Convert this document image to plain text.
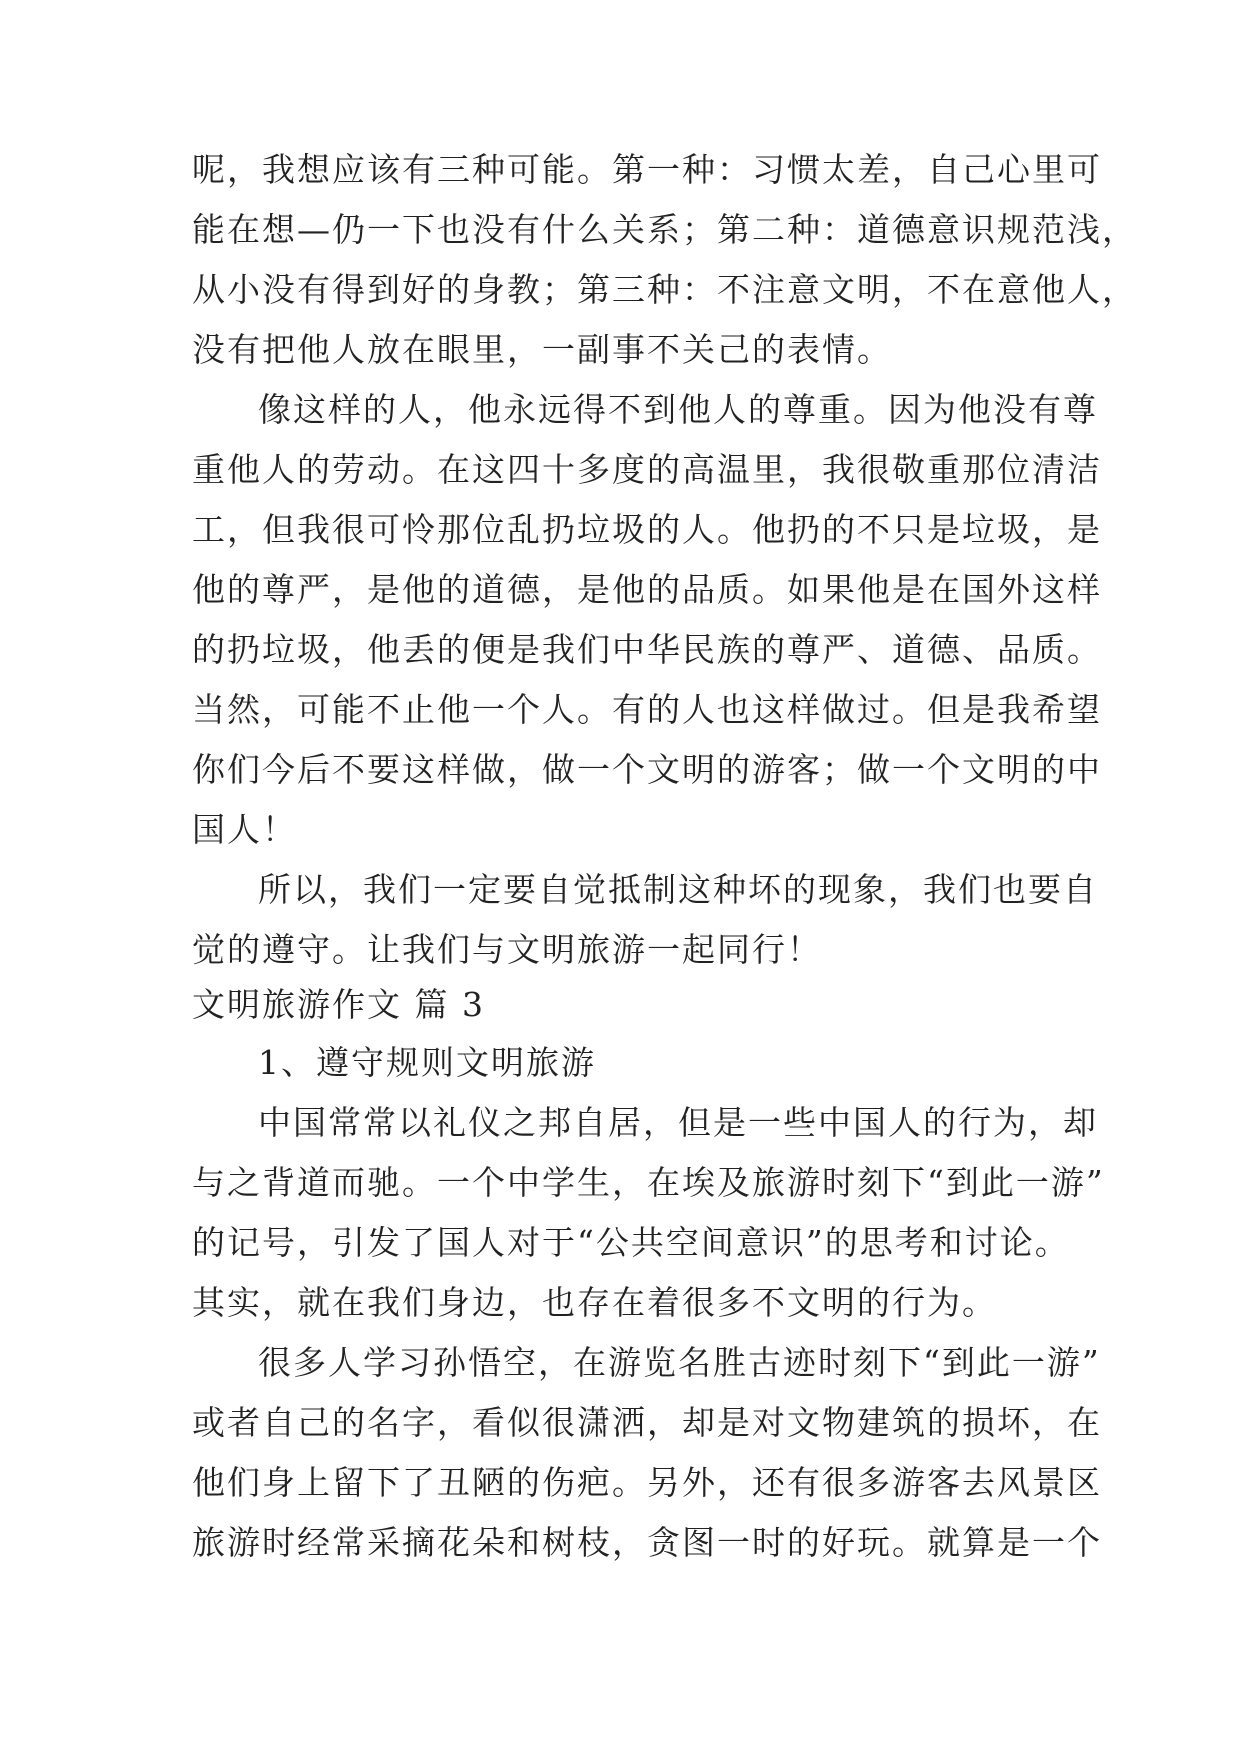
呢，我想应该有三种可能。第一种：习惯太差，自己心里可
能在想—仍一下也没有什么关系；第二种：道德意识规范浅，
从小没有得到好的身教；第三种：不注意文明，不在意他人，
没有把他人放在眼里，一副事不关己的表情。
像这样的人，他永远得不到他人的尊重。因为他没有尊
重他人的劳动。在这四十多度的高温里，我很敬重那位清洁
工，但我很可怜那位乱扔垃圾的人。他扔的不只是垃圾，是
他的尊严，是他的道德，是他的品质。如果他是在国外这样
的扔垃圾，他丢的便是我们中华民族的尊严、道德、品质。
当然，可能不止他一个人。有的人也这样做过。但是我希望
你们今后不要这样做，做一个文明的游客；做一个文明的中
国人！
所以，我们一定要自觉抵制这种坏的现象，我们也要自
觉的遵守。让我们与文明旅游一起同行！
文明旅游作文 篇 3
1、遵守规则文明旅游
中国常常以礼仪之邦自居，但是一些中国人的行为，却
与之背道而驰。一个中学生，在埃及旅游时刻下“到此一游”
的记号，引发了国人对于“公共空间意识”的思考和讨论。
其实，就在我们身边，也存在着很多不文明的行为。
很多人学习孙悟空，在游览名胜古迹时刻下“到此一游”
或者自己的名字，看似很潇洒，却是对文物建筑的损坏，在
他们身上留下了丑陋的伤疤。另外，还有很多游客去风景区
旅游时经常采摘花朵和树枝，贪图一时的好玩。就算是一个
